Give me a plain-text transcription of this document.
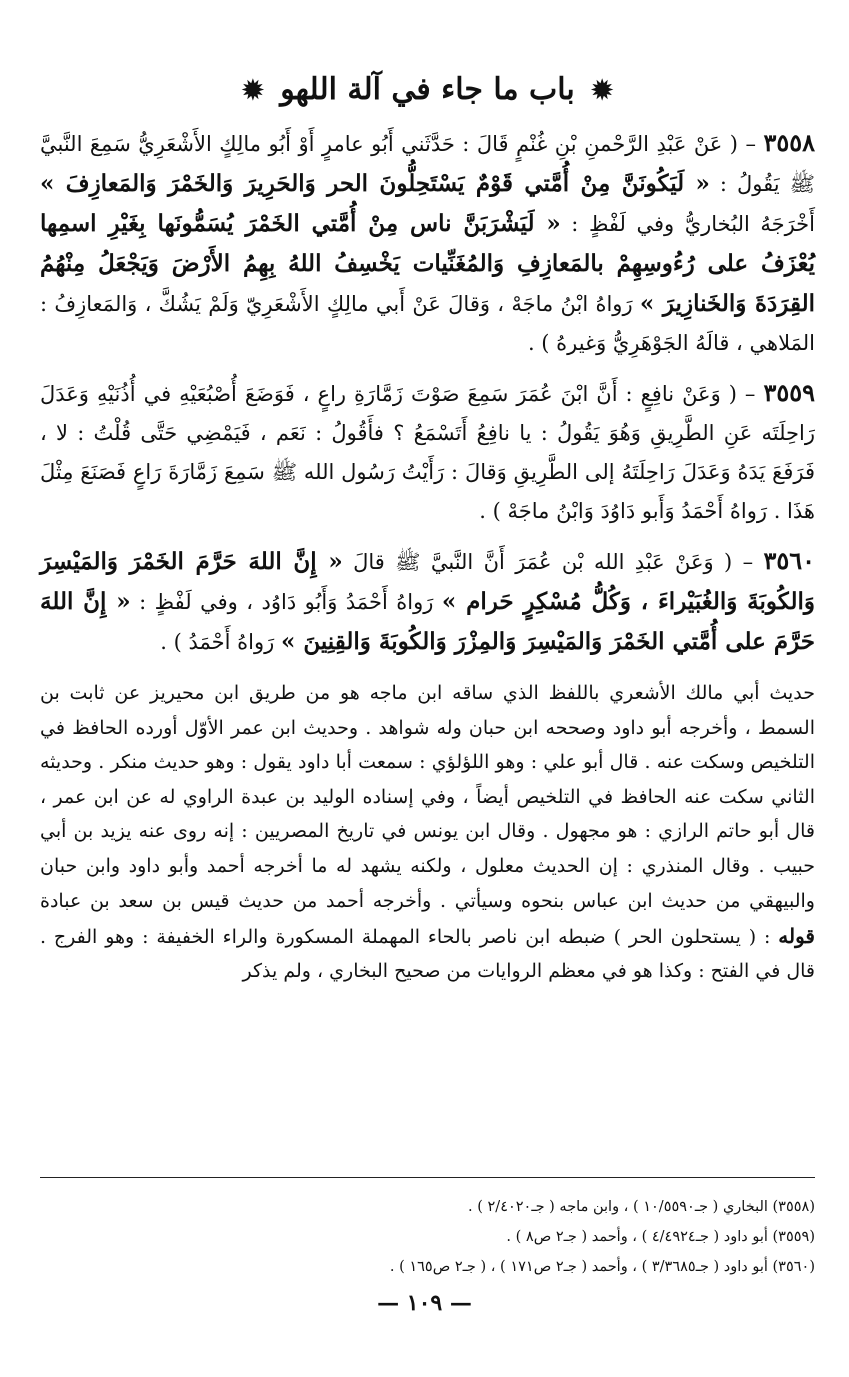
✹ باب ما جاء في آلة اللهو ✹

٣٥٥٨ – ( عَنْ عَبْدِ الرَّحْمنِ بْنِ غُنْمٍ قَالَ : حَدَّثَني أَبُو عامرٍ أَوْ أَبُو مالِكٍ الأَشْعَرِيُّ سَمِعَ النَّبيَّ ﷺ يَقُولُ : « لَيَكُونَنَّ مِنْ أُمَّتي قَوْمٌ يَسْتَحِلُّونَ الحر وَالحَرِيرَ وَالخَمْرَ وَالمَعازِفَ » أَخْرَجَهُ البُخاريُّ وفي لَفْظٍ : « لَيَشْرَبَنَّ ناس مِنْ أُمَّتي الخَمْرَ يُسَمُّونَها بِغَيْرِ اسمِها يُعْزَفُ على رُءُوسِهِمْ بالمَعازِفِ وَالمُغَنِّيات يَخْسِفُ اللهُ بِهِمُ الأَرْضَ وَيَجْعَلُ مِنْهُمُ القِرَدَةَ وَالخَنازِيرَ » رَواهُ ابْنُ ماجَهْ ، وَقالَ عَنْ أَبي مالِكٍ الأَشْعَرِيّ وَلَمْ يَشُكَّ ، وَالمَعازِفُ : المَلاهي ، قالَهُ الجَوْهَرِيُّ وَغيرهُ ) .

٣٥٥٩ – ( وَعَنْ نافِعٍ : أَنَّ ابْنَ عُمَرَ سَمِعَ صَوْتَ زَمَّارَةِ راعٍ ، فَوَضَعَ أُصْبُعَيْهِ في أُذُنَيْهِ وَعَدَلَ رَاحِلَتَه عَنِ الطَّرِيقِ وَهُوَ يَقُولُ : يا نافِعُ أَتَسْمَعُ ؟ فأَقُولُ : نَعَم ، فَيَمْضِي حَتَّى قُلْتُ : لا ، فَرَفَعَ يَدَهُ وَعَدَلَ رَاحِلَتَهُ إلى الطَّرِيقِ وَقالَ : رَأَيْتُ رَسُول الله ﷺ سَمِعَ زَمَّارَةَ رَاعٍ فَصَنَعَ مِثْلَ هَذَا . رَواهُ أَحْمَدُ وَأَبو دَاوُدَ وَابْنُ ماجَهْ ) .

٣٥٦٠ – ( وَعَنْ عَبْدِ الله بْن عُمَرَ أَنَّ النَّبيَّ ﷺ قالَ « إِنَّ اللهَ حَرَّمَ الخَمْرَ وَالمَيْسِرَ وَالكُوبَةَ وَالغُبَيْراءَ ، وَكُلُّ مُسْكِرٍ حَرام » رَواهُ أَحْمَدُ وَأَبُو دَاوُد ، وفي لَفْظٍ : « إِنَّ اللهَ حَرَّمَ على أُمَّتي الخَمْرَ وَالمَيْسِرَ وَالمِزْرَ وَالكُوبَةَ وَالقِنِينَ » رَواهُ أَحْمَدُ ) .

حديث أبي مالك الأشعري باللفظ الذي ساقه ابن ماجه هو من طريق ابن محيريز عن ثابت بن السمط ، وأخرجه أبو داود وصححه ابن حبان وله شواهد . وحديث ابن عمر الأوّل أورده الحافظ في التلخيص وسكت عنه . قال أبو علي : وهو اللؤلؤي : سمعت أبا داود يقول : وهو حديث منكر . وحديثه الثاني سكت عنه الحافظ في التلخيص أيضاً ، وفي إسناده الوليد بن عبدة الراوي له عن ابن عمر ، قال أبو حاتم الرازي : هو مجهول . وقال ابن يونس في تاريخ المصريين : إنه روى عنه يزيد بن أبي حبيب . وقال المنذري : إن الحديث معلول ، ولكنه يشهد له ما أخرجه أحمد وأبو داود وابن حبان والبيهقي من حديث ابن عباس بنحوه وسيأتي . وأخرجه أحمد من حديث قيس بن سعد بن عبادة قوله : ( يستحلون الحر ) ضبطه ابن ناصر بالحاء المهملة المسكورة والراء الخفيفة : وهو الفرج . قال في الفتح : وكذا هو في معظم الروايات من صحيح البخاري ، ولم يذكر
(٣٥٥٨) البخاري ( جـ١٠/٥٥٩٠ ) ، وابن ماجه ( جـ٢/٤٠٢٠ ) .
(٣٥٥٩) أبو داود ( جـ٤/٤٩٢٤ ) ، وأحمد ( جـ٢ ص٨ ) .
(٣٥٦٠) أبو داود ( جـ٣/٣٦٨٥ ) ، وأحمد ( جـ٢ ص١٧١ ) ، ( جـ٢ ص١٦٥ ) .
— ١٠٩ —
